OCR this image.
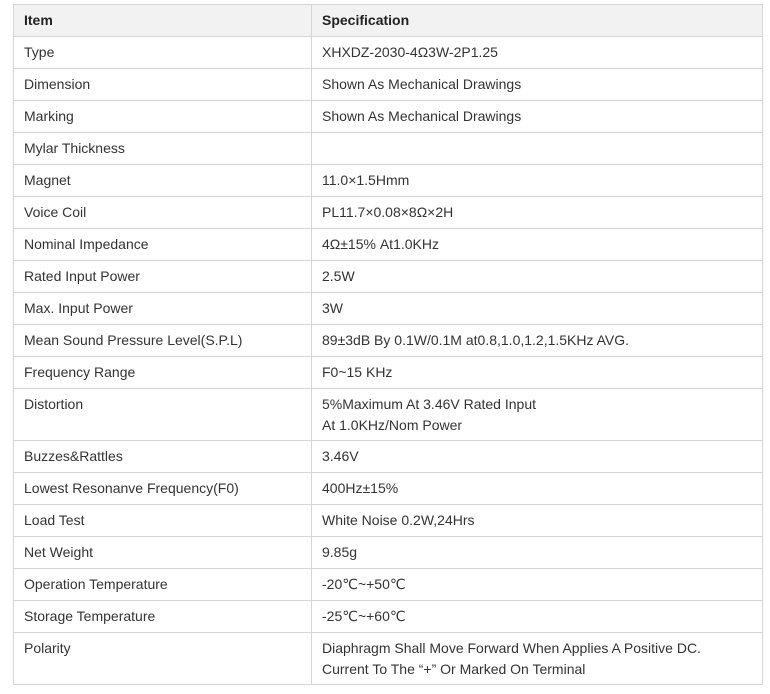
Item	Specification
Type	XHXDZ-2030-4Ω3W-2P1.25

Dimension	Shown As Mechanical Drawings

Marking	Shown As Mechanical Drawings

Mylar Thickness	

Magnet	11.0×1.5Hmm

Voice Coil	PL11.7×0.08×8Ω×2H

Nominal Impedance	4Ω±15% At1.0KHz

Rated Input Power	2.5W

Max. Input Power	3W

Mean Sound Pressure Level(S.P.L)	89±3dB By 0.1W/0.1M at0.8,1.0,1.2,1.5KHz AVG.

Frequency Range	F0~15 KHz

Distortion	5%Maximum At 3.46V Rated Input
At 1.0KHz/Nom Power

Buzzes&Rattles	3.46V

Lowest Resonanve Frequency(F0)	400Hz±15%

Load Test	White Noise 0.2W,24Hrs

Net Weight	9.85g

Operation Temperature	-20℃~+50℃

Storage Temperature	-25℃~+60℃

Polarity	Diaphragm Shall Move Forward When Applies A Positive DC.
Current To The “+” Or Marked On Terminal
